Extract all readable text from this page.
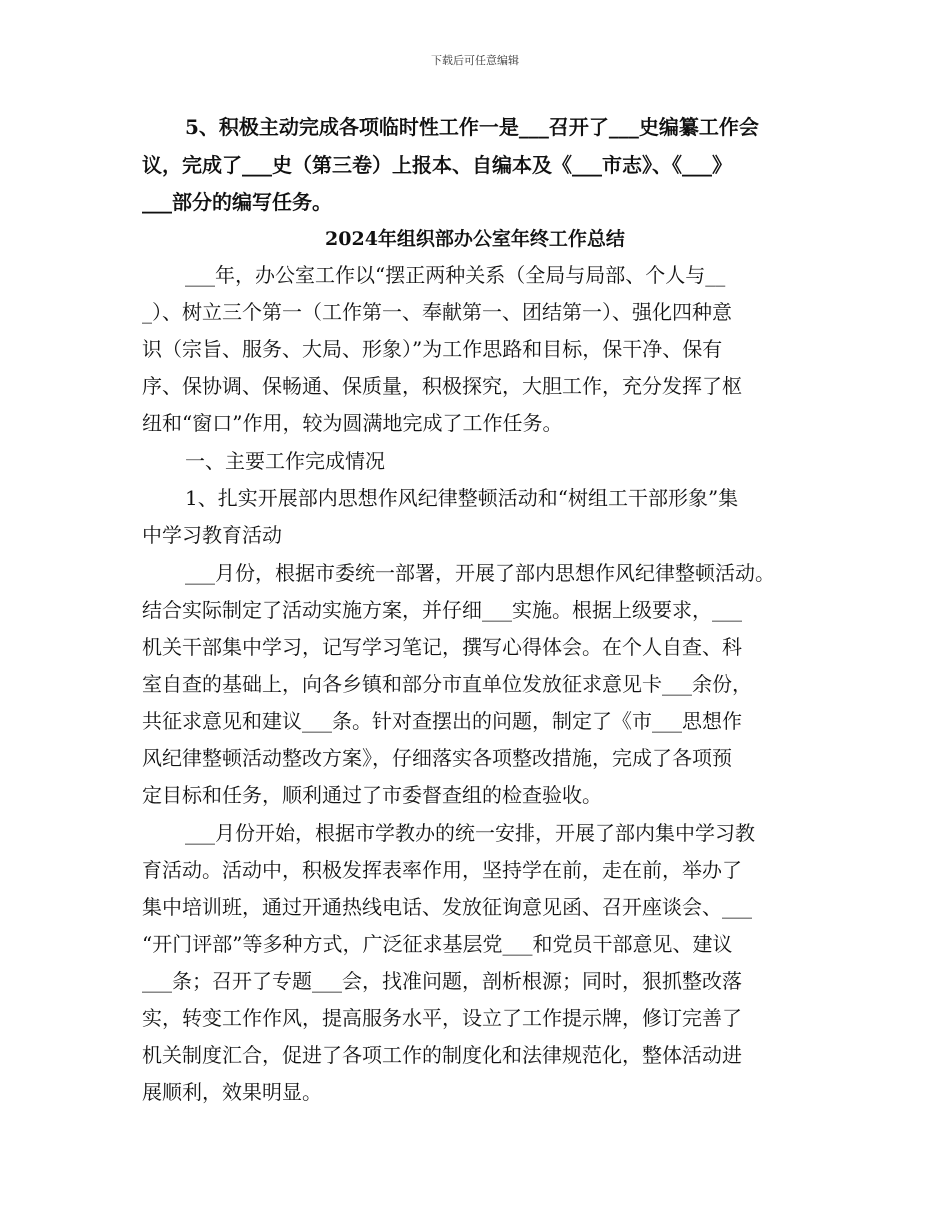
下载后可任意编辑
5、积极主动完成各项临时性工作一是___召开了___史编纂工作会
议，完成了___史（第三卷）上报本、自编本及《___市志》、《___》
___部分的编写任务。
2024年组织部办公室年终工作总结
___年，办公室工作以“摆正两种关系（全局与局部、个人与__
_）、树立三个第一（工作第一、奉献第一、团结第一）、强化四种意
识（宗旨、服务、大局、形象）”为工作思路和目标，保干净、保有
序、保协调、保畅通、保质量，积极探究，大胆工作，充分发挥了枢
纽和“窗口”作用，较为圆满地完成了工作任务。
一、主要工作完成情况
1、扎实开展部内思想作风纪律整顿活动和“树组工干部形象”集
中学习教育活动
___月份，根据市委统一部署，开展了部内思想作风纪律整顿活动。
结合实际制定了活动实施方案，并仔细___实施。根据上级要求，___
机关干部集中学习，记写学习笔记，撰写心得体会。在个人自查、科
室自查的基础上，向各乡镇和部分市直单位发放征求意见卡___余份，
共征求意见和建议___条。针对查摆出的问题，制定了《市___思想作
风纪律整顿活动整改方案》，仔细落实各项整改措施，完成了各项预
定目标和任务，顺利通过了市委督查组的检查验收。
___月份开始，根据市学教办的统一安排，开展了部内集中学习教
育活动。活动中，积极发挥表率作用，坚持学在前，走在前，举办了
集中培训班，通过开通热线电话、发放征询意见函、召开座谈会、___
“开门评部”等多种方式，广泛征求基层党___和党员干部意见、建议
___条；召开了专题___会，找准问题，剖析根源；同时，狠抓整改落
实，转变工作作风，提高服务水平，设立了工作提示牌，修订完善了
机关制度汇合，促进了各项工作的制度化和法律规范化，整体活动进
展顺利，效果明显。
